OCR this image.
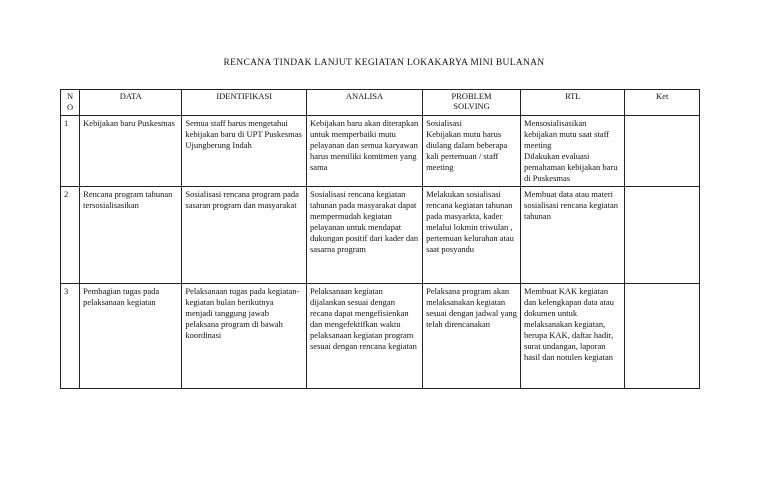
RENCANA TINDAK LANJUT KEGIATAN LOKAKARYA MINI BULANAN
NO	DATA	IDENTIFIKASI	ANALISA	PROBLEM
SOLVING	RTL	Ket
1	Kebijakan baru Puskesmas	Semua staff harus mengetahui kebijakan baru di UPT Puskesmas Ujungberung Indah	Kebijakan baru akan diterapkan untuk memperbaiki mutu pelayanan dan semua karyawan harus memiliki komitmen yang sama	Sosialisasi
Kebijakan mutu harus diulang dalam beberapa kali pertemuan / staff meeting	Mensosialisasikan kebijakan mutu saat staff meeting
Dilakukan evaluasi pemahaman kebijakan baru di Puskesmas	
2	Rencana program tahunan tersosialisasikan	Sosialisasi rencana program pada sasaran program dan masyarakat	Sosialisasi rencana kegiatan tahunan pada masyarakat dapat mempermudah kegiatan pelayanan untuk mendapat dukungan positif dari kader dan sasarna program	Melakukan sosialisasi rencana kegiatan tahunan pada masyarkta, kader melalui lokmin triwulan , pertemuan kelurahan atau saat posyandu	Membuat data atau materi sosialisasi rencana kegiatan tahunan	
3	Pembagian tugas pada pelaksanaan kegiatan	Pelaksanaan tugas pada kegiatan-kegiatan bulan berikutnya menjadi tanggung jawab pelaksana program di bawah koordinasi	Pelaksanaan kegiatan dijalankan sesuai dengan recana dapat mengefisienkan dan mengefektifkan waktu pelaksanaan kegiatan program sesuai dengan rencana kegiatan	Pelaksana program akan melaksanakan kegiatan sesuai dengan jadwal yang telah direncanakan	Membuat KAK kegiatan dan kelengkapan data atau dokumen untuk melaksanakan kegiatan, berupa KAK, daftar hadir, surat undangan, laporan hasil dan notulen kegiatan	
